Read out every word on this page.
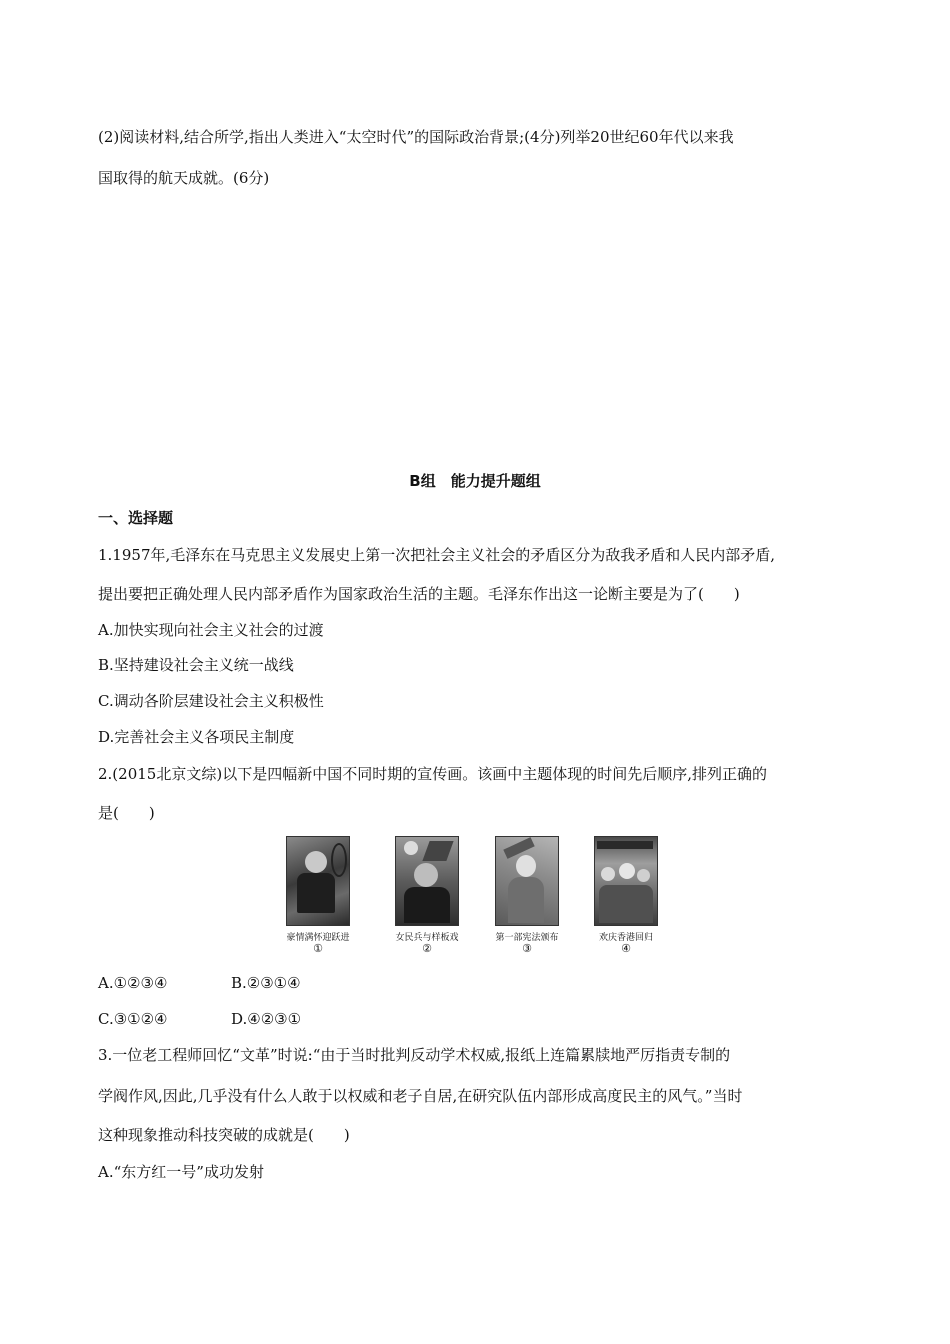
(2)阅读材料,结合所学,指出人类进入“太空时代”的国际政治背景;(4分)列举20世纪60年代以来我
国取得的航天成就。(6分)
B组　能力提升题组
一、选择题
1.1957年,毛泽东在马克思主义发展史上第一次把社会主义社会的矛盾区分为敌我矛盾和人民内部矛盾,
提出要把正确处理人民内部矛盾作为国家政治生活的主题。毛泽东作出这一论断主要是为了(　　)
A.加快实现向社会主义社会的过渡
B.坚持建设社会主义统一战线
C.调动各阶层建设社会主义积极性
D.完善社会主义各项民主制度
2.(2015北京文综)以下是四幅新中国不同时期的宣传画。该画中主题体现的时间先后顺序,排列正确的
是(　　)
豪情满怀迎跃进
①
女民兵与样板戏
②
第一部宪法颁布
③
欢庆香港回归
④
A.①②③④	B.②③①④
C.③①②④	D.④②③①
3.一位老工程师回忆“文革”时说:“由于当时批判反动学术权威,报纸上连篇累牍地严厉指责专制的
学阀作风,因此,几乎没有什么人敢于以权威和老子自居,在研究队伍内部形成高度民主的风气。”当时
这种现象推动科技突破的成就是(　　)
A.“东方红一号”成功发射
